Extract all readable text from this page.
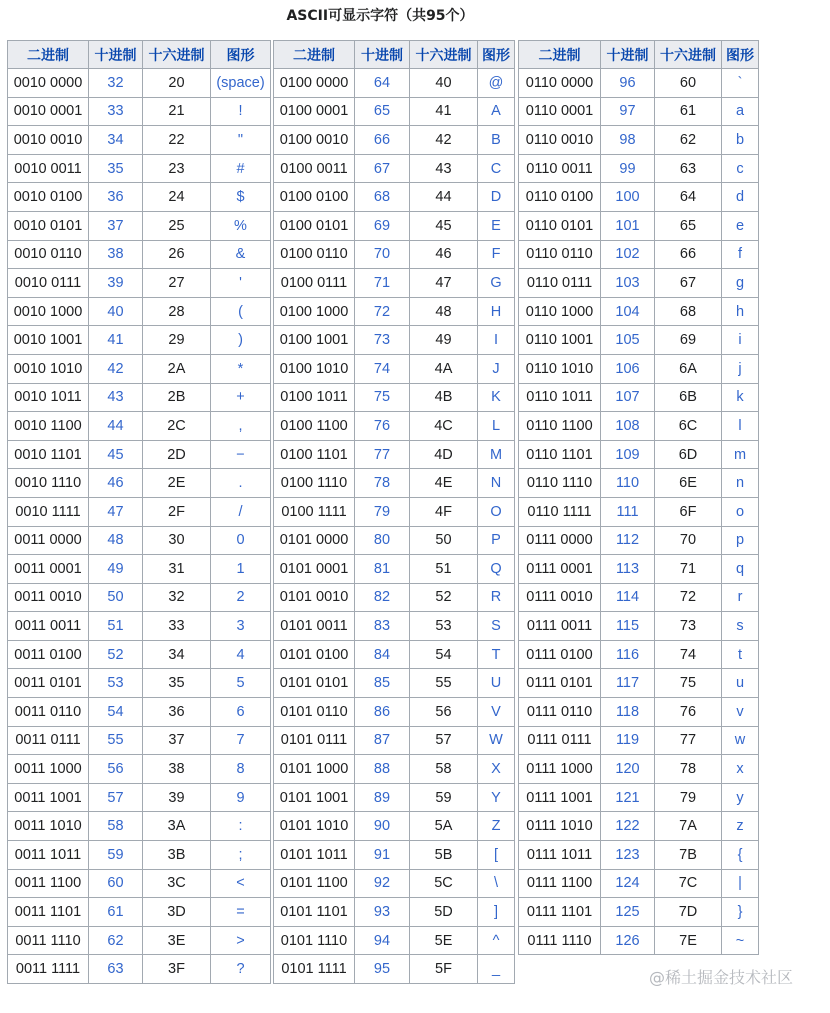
ASCII可显示字符（共95个）
二进制	十进制	十六进制	图形
0010 0000	32	20	(space)
0010 0001	33	21	!
0010 0010	34	22	"
0010 0011	35	23	#
0010 0100	36	24	$
0010 0101	37	25	%
0010 0110	38	26	&
0010 0111	39	27	'
0010 1000	40	28	(
0010 1001	41	29	)
0010 1010	42	2A	*
0010 1011	43	2B	+
0010 1100	44	2C	,
0010 1101	45	2D	−
0010 1110	46	2E	.
0010 1111	47	2F	/
0011 0000	48	30	0
0011 0001	49	31	1
0011 0010	50	32	2
0011 0011	51	33	3
0011 0100	52	34	4
0011 0101	53	35	5
0011 0110	54	36	6
0011 0111	55	37	7
0011 1000	56	38	8
0011 1001	57	39	9
0011 1010	58	3A	:
0011 1011	59	3B	;
0011 1100	60	3C	<
0011 1101	61	3D	=
0011 1110	62	3E	>
0011 1111	63	3F	?
二进制	十进制	十六进制	图形
0100 0000	64	40	@
0100 0001	65	41	A
0100 0010	66	42	B
0100 0011	67	43	C
0100 0100	68	44	D
0100 0101	69	45	E
0100 0110	70	46	F
0100 0111	71	47	G
0100 1000	72	48	H
0100 1001	73	49	I
0100 1010	74	4A	J
0100 1011	75	4B	K
0100 1100	76	4C	L
0100 1101	77	4D	M
0100 1110	78	4E	N
0100 1111	79	4F	O
0101 0000	80	50	P
0101 0001	81	51	Q
0101 0010	82	52	R
0101 0011	83	53	S
0101 0100	84	54	T
0101 0101	85	55	U
0101 0110	86	56	V
0101 0111	87	57	W
0101 1000	88	58	X
0101 1001	89	59	Y
0101 1010	90	5A	Z
0101 1011	91	5B	[
0101 1100	92	5C	\
0101 1101	93	5D	]
0101 1110	94	5E	^
0101 1111	95	5F	_
二进制	十进制	十六进制	图形
0110 0000	96	60	`
0110 0001	97	61	a
0110 0010	98	62	b
0110 0011	99	63	c
0110 0100	100	64	d
0110 0101	101	65	e
0110 0110	102	66	f
0110 0111	103	67	g
0110 1000	104	68	h
0110 1001	105	69	i
0110 1010	106	6A	j
0110 1011	107	6B	k
0110 1100	108	6C	l
0110 1101	109	6D	m
0110 1110	110	6E	n
0110 1111	111	6F	o
0111 0000	112	70	p
0111 0001	113	71	q
0111 0010	114	72	r
0111 0011	115	73	s
0111 0100	116	74	t
0111 0101	117	75	u
0111 0110	118	76	v
0111 0111	119	77	w
0111 1000	120	78	x
0111 1001	121	79	y
0111 1010	122	7A	z
0111 1011	123	7B	{
0111 1100	124	7C	|
0111 1101	125	7D	}
0111 1110	126	7E	~
@稀土掘金技术社区
